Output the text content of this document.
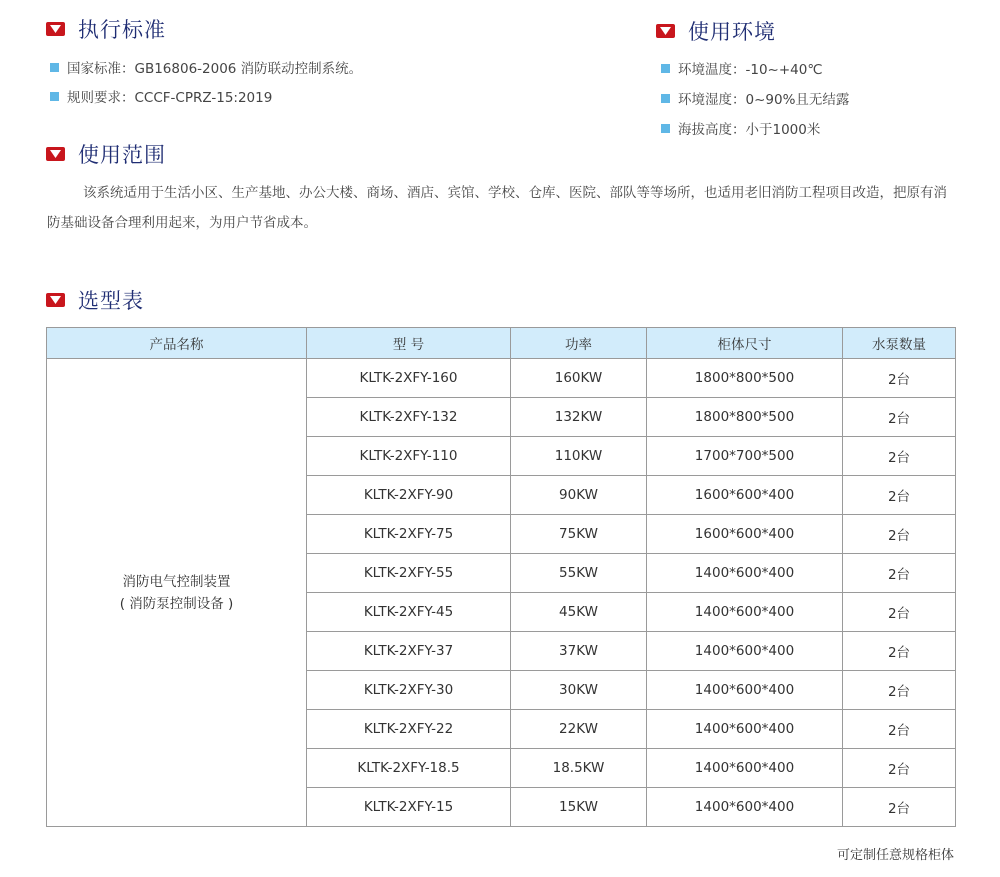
执行标准
国家标准：GB16806-2006 消防联动控制系统。
规则要求：CCCF-CPRZ-15:2019
使用环境
环境温度：-10~+40℃
环境湿度：0~90%且无结露
海拔高度：小于1000米
使用范围
该系统适用于生活小区、生产基地、办公大楼、商场、酒店、宾馆、学校、仓库、医院、部队等等场所，也适用老旧消防工程项目改造，把原有消防基础设备合理利用起来，为用户节省成本。
选型表
产品名称	型 号	功率	柜体尺寸	水泵数量

消防电气控制装置
( 消防泵控制设备 )	KLTK-2XFY-160	160KW	1800*800*500	2台
	KLTK-2XFY-132	132KW	1800*800*500	2台
	KLTK-2XFY-110	110KW	1700*700*500	2台
	KLTK-2XFY-90	90KW	1600*600*400	2台
	KLTK-2XFY-75	75KW	1600*600*400	2台
	KLTK-2XFY-55	55KW	1400*600*400	2台
	KLTK-2XFY-45	45KW	1400*600*400	2台
	KLTK-2XFY-37	37KW	1400*600*400	2台
	KLTK-2XFY-30	30KW	1400*600*400	2台
	KLTK-2XFY-22	22KW	1400*600*400	2台
	KLTK-2XFY-18.5	18.5KW	1400*600*400	2台
	KLTK-2XFY-15	15KW	1400*600*400	2台
可定制任意规格柜体
